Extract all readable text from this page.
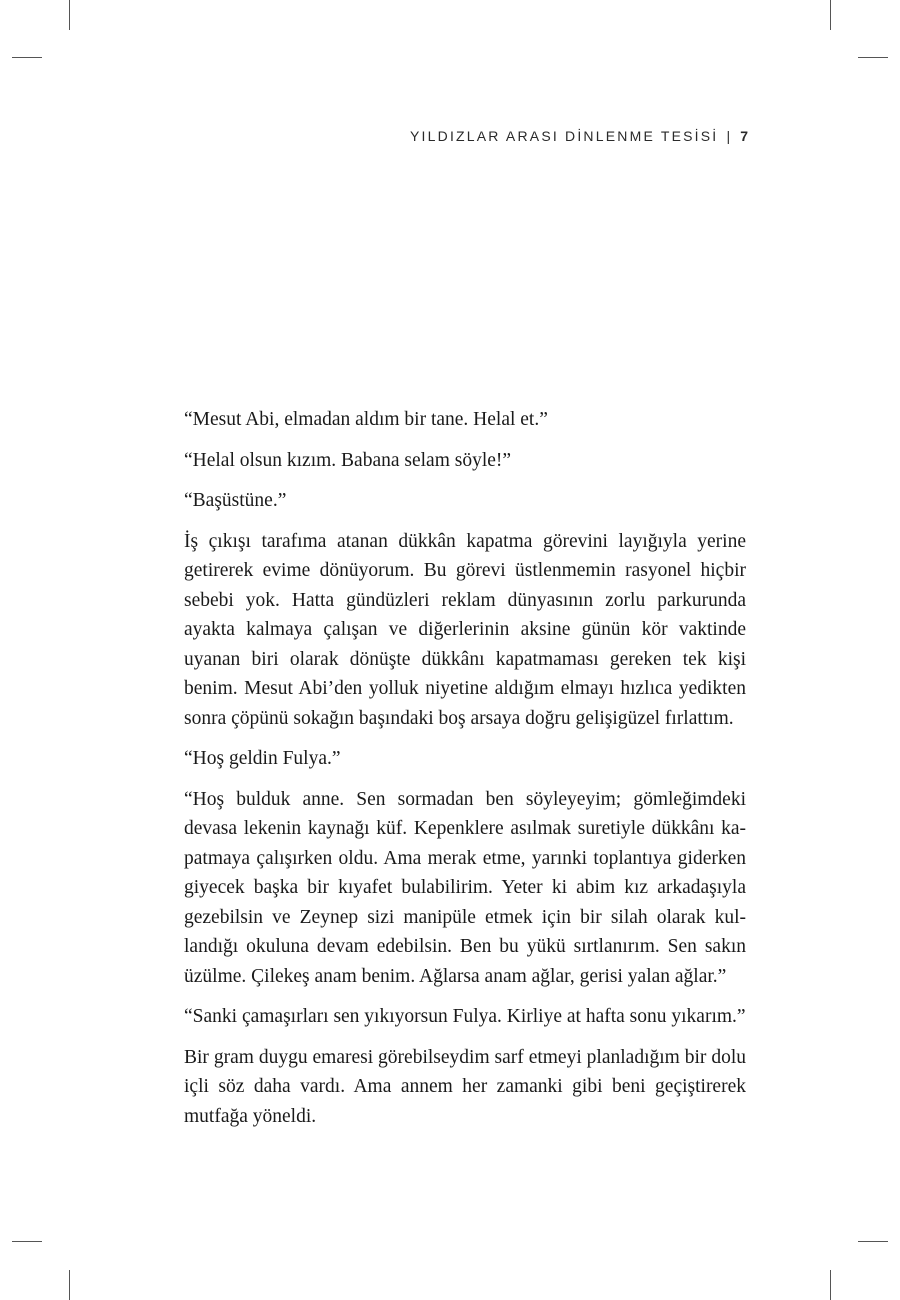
YILDIZLAR ARASI DİNLENME TESİSİ | 7

“Mesut Abi, elmadan aldım bir tane. Helal et.”

“Helal olsun kızım. Babana selam söyle!”

“Başüstüne.”

İş çıkışı tarafıma atanan dükkân kapatma görevini layığıyla yerine getirerek evime dönüyorum. Bu görevi üstlenmemin rasyonel hiçbir sebebi yok. Hatta gündüzleri reklam dünyasının zorlu parkurunda ayakta kalmaya çalışan ve diğerlerinin aksine günün kör vaktinde uyanan biri olarak dönüşte dükkânı kapatmaması gereken tek kişi benim. Mesut Abi’den yolluk niyetine aldığım elmayı hızlıca yedikten sonra çöpünü sokağın başındaki boş arsaya doğru gelişigüzel fırlattım.

“Hoş geldin Fulya.”

“Hoş bulduk anne. Sen sormadan ben söyleyeyim; gömleğimdeki devasa lekenin kaynağı küf. Kepenklere asılmak suretiyle dükkânı kapatmaya çalışırken oldu. Ama merak etme, yarınki toplantıya giderken giyecek başka bir kıyafet bulabilirim. Yeter ki abim kız arkadaşıyla gezebilsin ve Zeynep sizi manipüle etmek için bir silah olarak kullandığı okuluna devam edebilsin. Ben bu yükü sırtlanırım. Sen sakın üzülme. Çilekeş anam benim. Ağlarsa anam ağlar, gerisi yalan ağlar.”

“Sanki çamaşırları sen yıkıyorsun Fulya. Kirliye at hafta sonu yıkarım.”

Bir gram duygu emaresi görebilseydim sarf etmeyi planladığım bir dolu içli söz daha vardı. Ama annem her zamanki gibi beni geçiştirerek mutfağa yöneldi.
